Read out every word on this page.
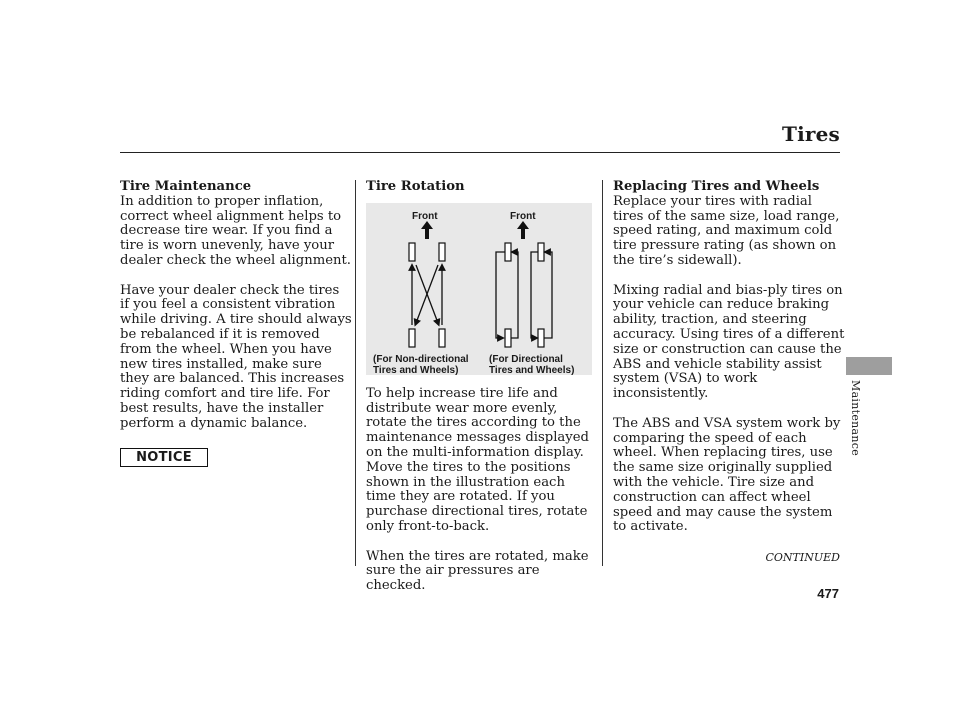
Tires
Tire Maintenance

In addition to proper inflation, correct wheel alignment helps to decrease tire wear. If you find a tire is worn unevenly, have your dealer check the wheel alignment.

Have your dealer check the tires if you feel a consistent vibration while driving. A tire should always be rebalanced if it is removed from the wheel. When you have new tires installed, make sure they are balanced. This increases riding comfort and tire life. For best results, have the installer perform a dynamic balance.

NOTICE
Tire Rotation
Front	Front
(For Non-directional
Tires and Wheels)
(For Directional
Tires and Wheels)

To help increase tire life and distribute wear more evenly, rotate the tires according to the maintenance messages displayed on the multi-information display. Move the tires to the positions shown in the illustration each time they are rotated. If you purchase directional tires, rotate only front-to-back.

When the tires are rotated, make sure the air pressures are checked.

Replacing Tires and Wheels

Replace your tires with radial tires of the same size, load range, speed rating, and maximum cold tire pressure rating (as shown on the tire’s sidewall).

Mixing radial and bias-ply tires on your vehicle can reduce braking ability, traction, and steering accuracy. Using tires of a different size or construction can cause the ABS and vehicle stability assist system (VSA) to work inconsistently.

The ABS and VSA system work by comparing the speed of each wheel. When replacing tires, use the same size originally supplied with the vehicle. Tire size and construction can affect wheel speed and may cause the system to activate.

Maintenance
CONTINUED
477
